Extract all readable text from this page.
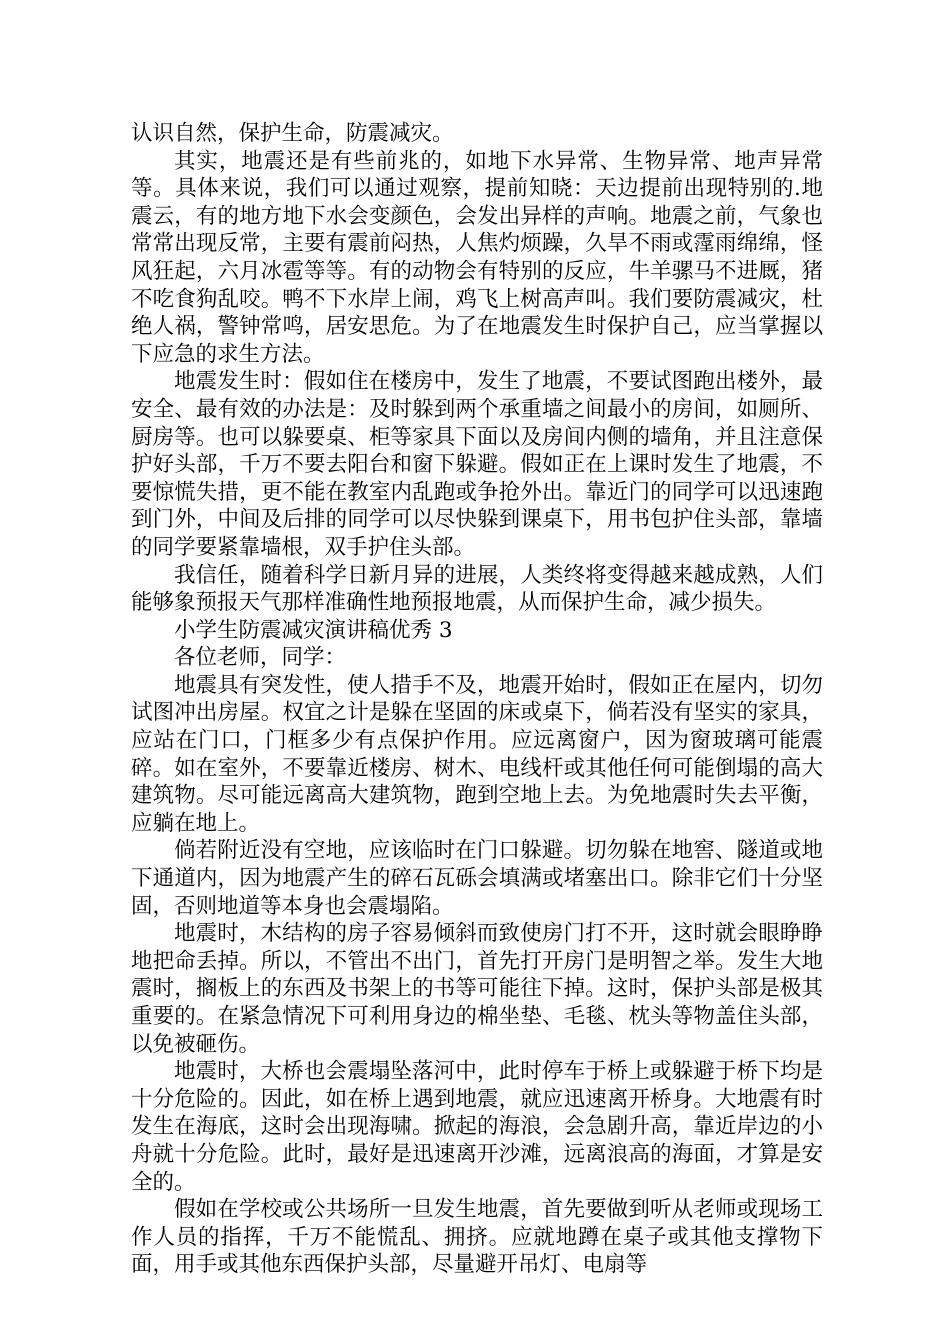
认识自然，保护生命，防震减灾。

其实，地震还是有些前兆的，如地下水异常、生物异常、地声异常等。具体来说，我们可以通过观察，提前知晓：天边提前出现特别的.地震云，有的地方地下水会变颜色，会发出异样的声响。地震之前，气象也常常出现反常，主要有震前闷热，人焦灼烦躁，久旱不雨或霪雨绵绵，怪风狂起，六月冰雹等等。有的动物会有特别的反应，牛羊骡马不进厩，猪不吃食狗乱咬。鸭不下水岸上闹，鸡飞上树高声叫。我们要防震减灾，杜绝人祸，警钟常鸣，居安思危。为了在地震发生时保护自己，应当掌握以下应急的求生方法。

地震发生时：假如住在楼房中，发生了地震，不要试图跑出楼外，最安全、最有效的办法是：及时躲到两个承重墙之间最小的房间，如厕所、厨房等。也可以躲要桌、柜等家具下面以及房间内侧的墙角，并且注意保护好头部，千万不要去阳台和窗下躲避。假如正在上课时发生了地震，不要惊慌失措，更不能在教室内乱跑或争抢外出。靠近门的同学可以迅速跑到门外，中间及后排的同学可以尽快躲到课桌下，用书包护住头部，靠墙的同学要紧靠墙根，双手护住头部。

我信任，随着科学日新月异的进展，人类终将变得越来越成熟，人们能够象预报天气那样准确性地预报地震，从而保护生命，减少损失。

小学生防震减灾演讲稿优秀 3

各位老师，同学：

地震具有突发性，使人措手不及，地震开始时，假如正在屋内，切勿试图冲出房屋。权宜之计是躲在坚固的床或桌下，倘若没有坚实的家具，应站在门口，门框多少有点保护作用。应远离窗户，因为窗玻璃可能震碎。如在室外，不要靠近楼房、树木、电线杆或其他任何可能倒塌的高大建筑物。尽可能远离高大建筑物，跑到空地上去。为免地震时失去平衡，应躺在地上。

倘若附近没有空地，应该临时在门口躲避。切勿躲在地窖、隧道或地下通道内，因为地震产生的碎石瓦砾会填满或堵塞出口。除非它们十分坚固，否则地道等本身也会震塌陷。

地震时，木结构的房子容易倾斜而致使房门打不开，这时就会眼睁睁地把命丢掉。所以，不管出不出门，首先打开房门是明智之举。发生大地震时，搁板上的东西及书架上的书等可能往下掉。这时，保护头部是极其重要的。在紧急情况下可利用身边的棉坐垫、毛毯、枕头等物盖住头部，以免被砸伤。

地震时，大桥也会震塌坠落河中，此时停车于桥上或躲避于桥下均是十分危险的。因此，如在桥上遇到地震，就应迅速离开桥身。大地震有时发生在海底，这时会出现海啸。掀起的海浪，会急剧升高，靠近岸边的小舟就十分危险。此时，最好是迅速离开沙滩，远离浪高的海面，才算是安全的。

假如在学校或公共场所一旦发生地震，首先要做到听从老师或现场工作人员的指挥，千万不能慌乱、拥挤。应就地蹲在桌子或其他支撑物下面，用手或其他东西保护头部，尽量避开吊灯、电扇等
